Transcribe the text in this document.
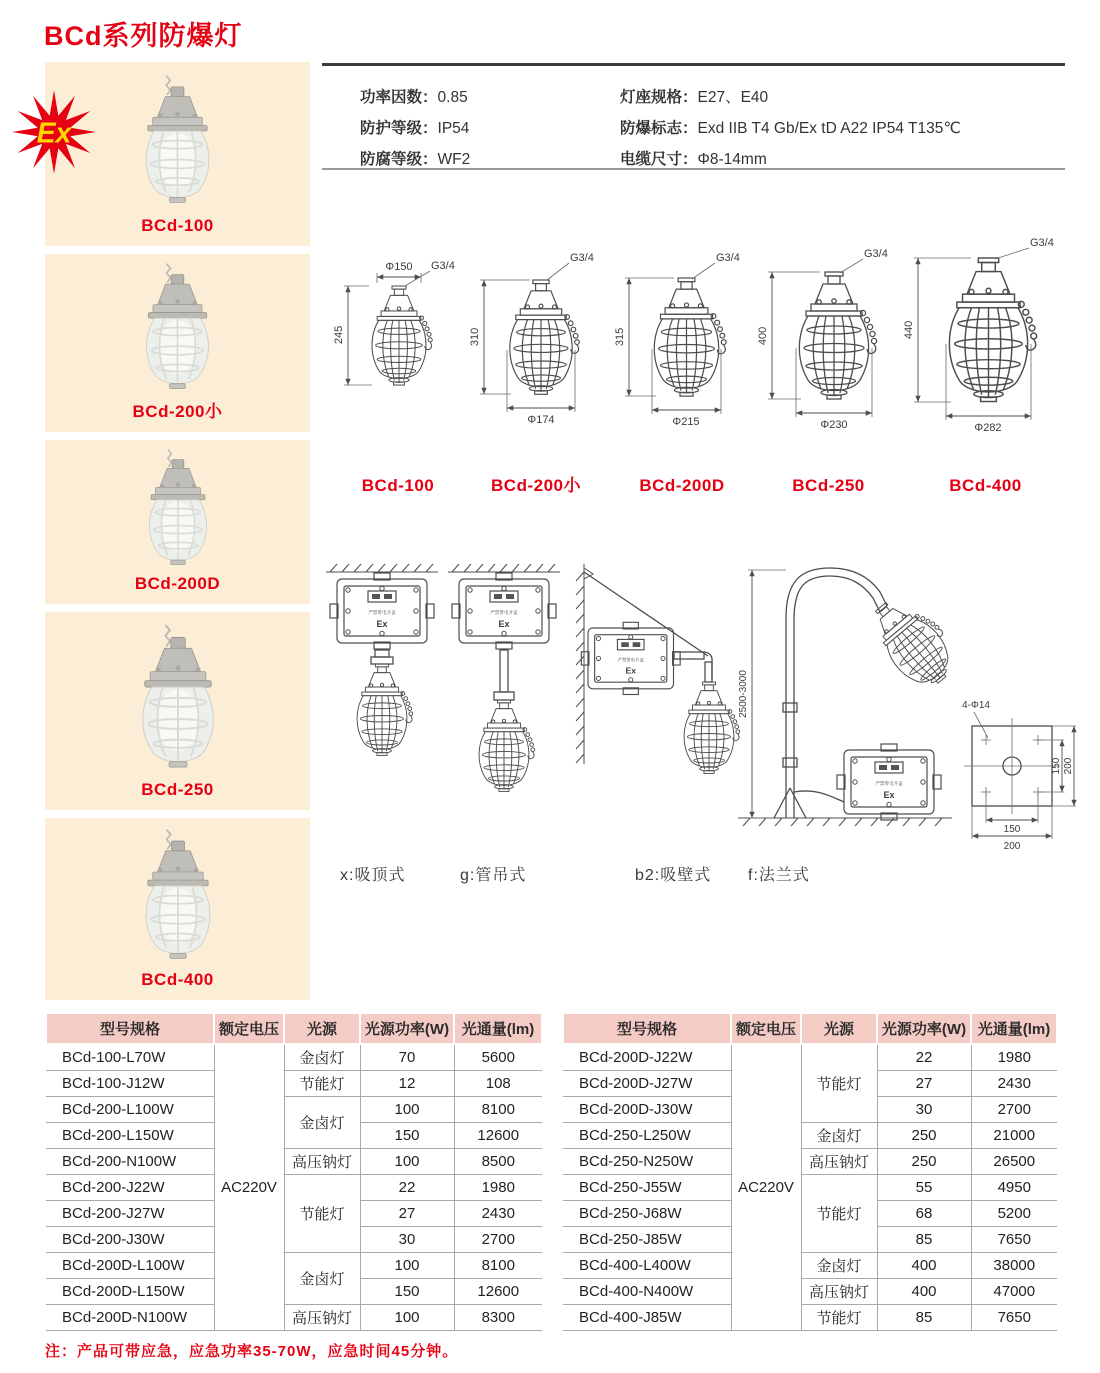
BCd系列防爆灯
Ex
BCd-100
BCd-200小
BCd-200D
BCd-250
BCd-400
功率因数：0.85
防护等级：IP54
防腐等级：WF2
灯座规格：E27、E40
防爆标志：Exd IIB T4 Gb/Ex tD A22 IP54 T135℃
电缆尺寸：Φ8-14mm
Φ150 G3/4
245
BCd-100
G3/4
310
Φ174
BCd-200小
G3/4
315
Φ215
BCd-200D
G3/4
400
Φ230
BCd-250
G3/4
440
Φ282
BCd-400
2500-3000	4-Φ14
150 200
150
200
x:吸顶式	g:管吊式	b2:吸壁式 f:法兰式
型号规格	额定电压	光源	光源功率(W)	光通量(lm)
BCd-100-L70W	AC220V	金卤灯	70	5600
BCd-100-J12W		节能灯	12	108
BCd-200-L100W		金卤灯	100	8100
BCd-200-L150W			150	12600
BCd-200-N100W		高压钠灯	100	8500
BCd-200-J22W		节能灯	22	1980
BCd-200-J27W			27	2430
BCd-200-J30W			30	2700
BCd-200D-L100W		金卤灯	100	8100
BCd-200D-L150W			150	12600
BCd-200D-N100W		高压钠灯	100	8300
型号规格	额定电压	光源	光源功率(W)	光通量(lm)
BCd-200D-J22W	AC220V	节能灯	22	1980
BCd-200D-J27W			27	2430
BCd-200D-J30W			30	2700
BCd-250-L250W		金卤灯	250	21000
BCd-250-N250W		高压钠灯	250	26500
BCd-250-J55W		节能灯	55	4950
BCd-250-J68W			68	5200
BCd-250-J85W			85	7650
BCd-400-L400W		金卤灯	400	38000
BCd-400-N400W		高压钠灯	400	47000
BCd-400-J85W		节能灯	85	7650
注：产品可带应急，应急功率35-70W，应急时间45分钟。
